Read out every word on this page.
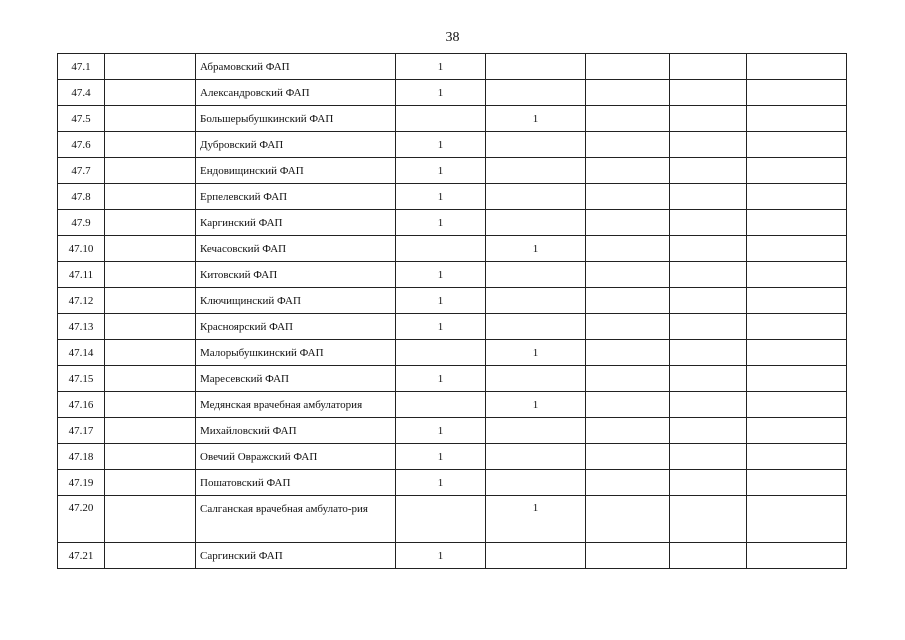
38
47.1		Абрамовский ФАП	1				
47.4		Александровский ФАП	1				
47.5		Большерыбушкинский ФАП		1			
47.6		Дубровский ФАП	1				
47.7		Ендовищинский ФАП	1				
47.8		Ерпелевский ФАП	1				
47.9		Каргинский ФАП	1				
47.10		Кечасовский ФАП		1			
47.11		Китовский ФАП	1				
47.12		Ключищинский ФАП	1				
47.13		Красноярский ФАП	1				
47.14		Малорыбушкинский ФАП		1			
47.15		Маресевский ФАП	1				
47.16		Медянская врачебная амбулатория		1			
47.17		Михайловский ФАП	1				
47.18		Овечий Овражский ФАП	1				
47.19		Пошатовский ФАП	1				
47.20		Салганская врачебная амбулато-рия		1			
47.21		Саргинский ФАП	1				
